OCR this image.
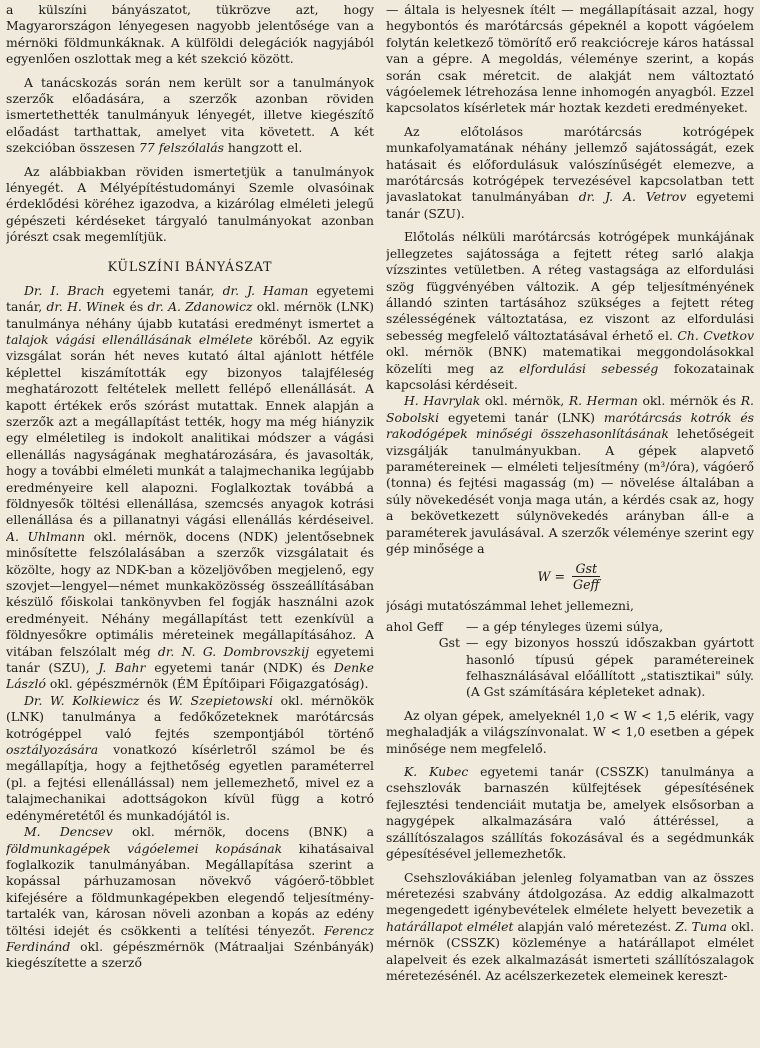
a külszíni bányászatot, tükrözve azt, hogy Magyarországon lényegesen nagyobb jelentősége van a mérnöki földmunkáknak. A külföldi delegációk nagyjából egyenlően oszlottak meg a két szekció között.

A tanácskozás során nem került sor a tanulmányok szerzők előadására, a szerzők azonban röviden ismertethették tanulmányuk lényegét, illetve kiegészítő előadást tarthattak, amelyet vita követett. A két szekcióban összesen 77 felszólalás hangzott el.

Az alábbiakban röviden ismertetjük a tanulmányok lényegét. A Mélyépítéstudományi Szemle olvasóinak érdeklődési köréhez igazodva, a kizárólag elméleti jelegű gépészeti kérdéseket tárgyaló tanulmányokat azonban jórészt csak megemlítjük.

KÜLSZÍNI BÁNYÁSZAT

Dr. I. Brach egyetemi tanár, dr. J. Haman egyetemi tanár, dr. H. Winek és dr. A. Zdanowicz okl. mérnök (LNK) tanulmánya néhány újabb kutatási eredményt ismertet a talajok vágási ellenállásának elmélete köréből. Az egyik vizsgálat során hét neves kutató által ajánlott hétféle képlettel kiszámították egy bizonyos talajféleség meghatározott feltételek mellett fellépő ellenállását. A kapott értékek erős szórást mutattak. Ennek alapján a szerzők azt a megállapítást tették, hogy ma még hiányzik egy elméletileg is indokolt analitikai módszer a vágási ellenállás nagyságának meghatározására, és javasolták, hogy a további elméleti munkát a talajmechanika legújabb eredményeire kell alapozni. Foglalkoztak továbbá a földnyesők töltési ellenállása, szemcsés anyagok kotrási ellenállása és a pillanatnyi vágási ellenállás kérdéseivel. A. Uhlmann okl. mérnök, docens (NDK) jelentősebnek minősítette felszólalásában a szerzők vizsgálatait és közölte, hogy az NDK-ban a közeljövőben megjelenő, egy szovjet—lengyel—német munkaközösség összeállításában készülő főiskolai tankönyvben fel fogják használni azok eredményeit. Néhány megállapítást tett ezenkívül a földnyesőkre optimális méreteinek megállapításához. A vitában felszólalt még dr. N. G. Dombrovszkij egyetemi tanár (SZU), J. Bahr egyetemi tanár (NDK) és Denke László okl. gépészmérnök (ÉM Építőipari Főigazgatóság).

Dr. W. Kolkiewicz és W. Szepietowski okl. mérnökök (LNK) tanulmánya a fedőkőzeteknek marótárcsás kotrógéppel való fejtés szempontjából történő osztályozására vonatkozó kísérletről számol be és megállapítja, hogy a fejthetőség egyetlen paraméterrel (pl. a fejtési ellenállással) nem jellemezhető, mivel ez a talajmechanikai adottságokon kívül függ a kotró edényméretétől és munkadójától is.

M. Dencsev okl. mérnök, docens (BNK) a földmunkagépek vágóelemei kopásának kihatásaival foglalkozik tanulmányában. Megállapítása szerint a kopással párhuzamosan növekvő vágóerő-többlet kifejésére a földmunkagépekben elegendő teljesítmény-tartalék van, károsan növeli azonban a kopás az edény töltési idejét és csökkenti a telítési tényezőt. Ferencz Ferdinánd okl. gépészmérnök (Mátraaljai Szénbányák) kiegészítette a szerző

— általa is helyesnek ítélt — megállapításait azzal, hogy hegybontós és marótárcsás gépeknél a kopott vágóelem folytán keletkező tömörítő erő reakciócreje káros hatással van a gépre. A megoldás, véleménye szerint, a kopás során csak méretcit. de alakját nem változtató vágóelemek létrehozása lenne inhomogén anyagból. Ezzel kapcsolatos kísérletek már hoztak kezdeti eredményeket.

Az előtolásos marótárcsás kotrógépek munkafolyamatának néhány jellemző sajátosságát, ezek hatásait és előfordulásuk valószínűségét elemezve, a marótárcsás kotrógépek tervezésével kapcsolatban tett javaslatokat tanulmányában dr. J. A. Vetrov egyetemi tanár (SZU).

Előtolás nélküli marótárcsás kotrógépek munkájának jellegzetes sajátossága a fejtett réteg sarló alakja vízszintes vetületben. A réteg vastagsága az elfordulási szög függvényében változik. A gép teljesítményének állandó szinten tartásához szükséges a fejtett réteg szélességének változtatása, ez viszont az elfordulási sebesség megfelelő változtatásával érhető el. Ch. Cvetkov okl. mérnök (BNK) matematikai meggondolásokkal közelíti meg az elfordulási sebesség fokozatainak kapcsolási kérdéseit.

H. Havrylak okl. mérnök, R. Herman okl. mérnök és R. Sobolski egyetemi tanár (LNK) marótárcsás kotrók és rakodógépek minőségi összehasonlításának lehetőségeit vizsgálják tanulmányukban. A gépek alapvető paramétereinek — elméleti teljesítmény (m³/óra), vágóerő (tonna) és fejtési magasság (m) — növelése általában a súly növekedését vonja maga után, a kérdés csak az, hogy a bekövetkezett súlynövekedés arányban áll-e a paraméterek javulásával. A szerzők véleménye szerint egy gép minősége a

$W = \frac{\text{Gst}}{\text{Geff}}$

jósági mutatószámmal lehet jellemezni,

ahol Geff	— a gép tényleges üzemi súlya,
Gst — egy bizonyos hosszú időszakban gyártott hasonló típusú gépek paramétereinek felhasználásával előállított „statisztikai" súly. (A Gst számítására képleteket adnak).

Az olyan gépek, amelyeknél 1,0 < W < 1,5 elérik, vagy meghaladják a világszínvonalat. W < 1,0 esetben a gépek minősége nem megfelelő.

K. Kubec egyetemi tanár (CSSZK) tanulmánya a csehszlovák barnaszén külfejtések gépesítésének fejlesztési tendenciáit mutatja be, amelyek elsősorban a nagygépek alkalmazására való áttéréssel, a szállítószalagos szállítás fokozásával és a segédmunkák gépesítésével jellemezhetők.

Csehszlovákiában jelenleg folyamatban van az összes méretezési szabvány átdolgozása. Az eddig alkalmazott megengedett igénybevételek elmélete helyett bevezetik a határállapot elmélet alapján való méretezést. Z. Tuma okl. mérnök (CSSZK) közleménye a határállapot elmélet alapelveit és ezek alkalmazását ismerteti szállítószalagok méretezésénél. Az acélszerkezetek elemeinek kereszt-
